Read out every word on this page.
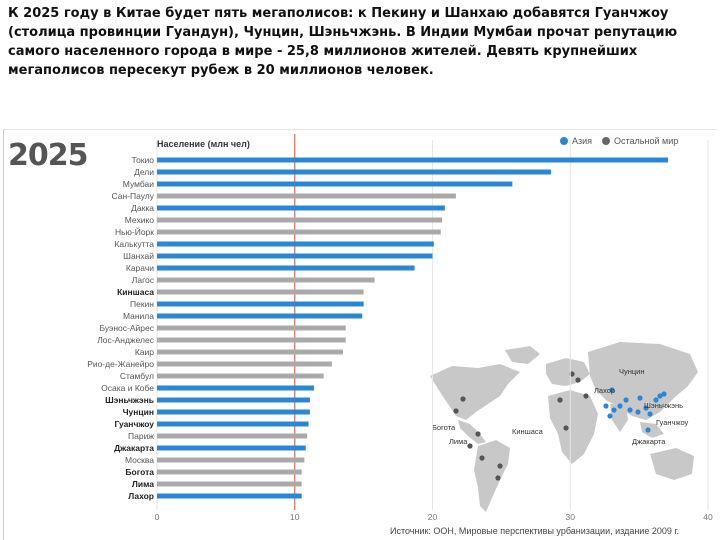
К 2025 году в Китае будет пять мегаполисов: к Пекину и Шанхаю добавятся Гуанчжоу (столица провинции Гуандун), Чунцин, Шэньчжэнь. В Индии Мумбаи прочат репутацию самого населенного города в мире - 25,8 миллионов жителей. Девять крупнейших мегаполисов пересекут рубеж в 20 миллионов человек.
2025	Азия Остальной мир
Чунцин
Лахор
Шэньчжэнь
Гуанчжоу
Богота	Киншаса
Лима	Джакарта
Токио
Дели
Мумбаи
Сан-Паулу
Дакка
Мехико
Нью-Йорк
Калькутта
Шанхай
Карачи
Лагос
Киншаса
Пекин
Манила
Буэнос-Айрес
Лос-Анджелес
Каир
Рио-де-Жанейро
Стамбул
Осака и Кобе
Шэньчжэнь
Чунцин
Гуанчжоу
Париж
Джакарта
Москва
Богота
Лима
Лахор
0	10	20	30	40
Население (млн чел)
Источник: ООН, Мировые перспективы урбанизации, издание 2009 г.
